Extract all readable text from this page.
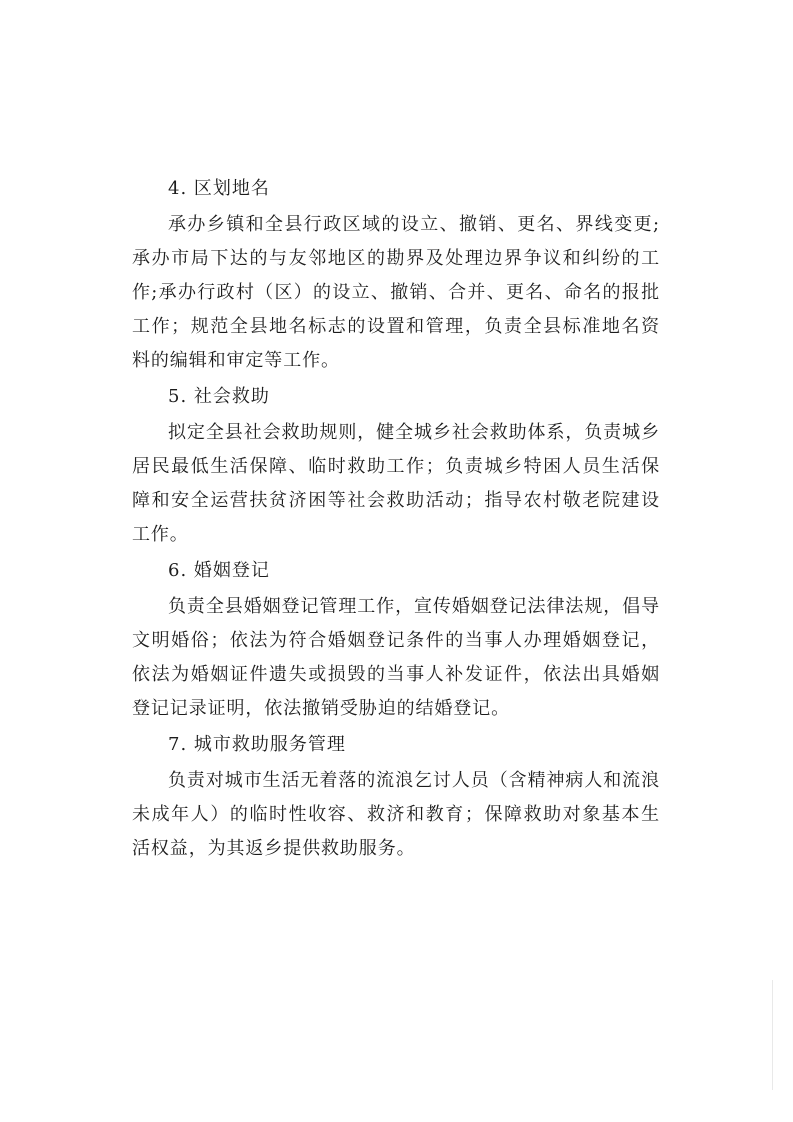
4. 区划地名

承办乡镇和全县行政区域的设立、撤销、更名、界线变更;承办市局下达的与友邻地区的勘界及处理边界争议和纠纷的工作;承办行政村（区）的设立、撤销、合并、更名、命名的报批工作；规范全县地名标志的设置和管理，负责全县标准地名资料的编辑和审定等工作。

5. 社会救助

拟定全县社会救助规则，健全城乡社会救助体系，负责城乡居民最低生活保障、临时救助工作；负责城乡特困人员生活保障和安全运营扶贫济困等社会救助活动；指导农村敬老院建设工作。

6. 婚姻登记

负责全县婚姻登记管理工作，宣传婚姻登记法律法规，倡导文明婚俗；依法为符合婚姻登记条件的当事人办理婚姻登记，依法为婚姻证件遗失或损毁的当事人补发证件，依法出具婚姻登记记录证明，依法撤销受胁迫的结婚登记。

7. 城市救助服务管理

负责对城市生活无着落的流浪乞讨人员（含精神病人和流浪未成年人）的临时性收容、救济和教育；保障救助对象基本生活权益，为其返乡提供救助服务。
